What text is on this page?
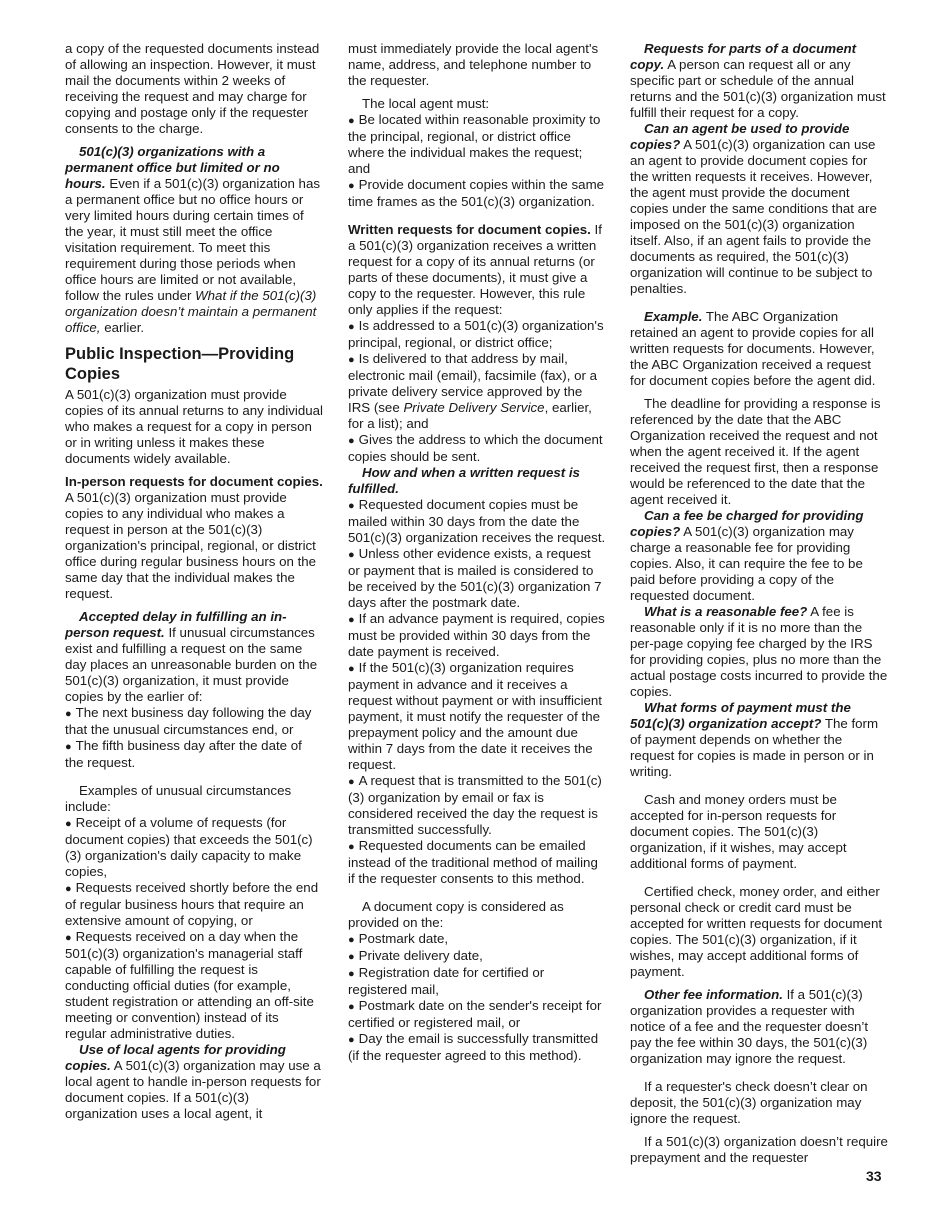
a copy of the requested documents instead of allowing an inspection. However, it must mail the documents within 2 weeks of receiving the request and may charge for copying and postage only if the requester consents to the charge.

501(c)(3) organizations with a permanent office but limited or no hours. Even if a 501(c)(3) organization has a permanent office but no office hours or very limited hours during certain times of the year, it must still meet the office visitation requirement. To meet this requirement during those periods when office hours are limited or not available, follow the rules under What if the 501(c)(3) organization doesn’t maintain a permanent office, earlier.

Public Inspection—Providing Copies

A 501(c)(3) organization must provide copies of its annual returns to any individual who makes a request for a copy in person or in writing unless it makes these documents widely available.

In-person requests for document copies. A 501(c)(3) organization must provide copies to any individual who makes a request in person at the 501(c)(3) organization's principal, regional, or district office during regular business hours on the same day that the individual makes the request.

Accepted delay in fulfilling an in-person request. If unusual circumstances exist and fulfilling a request on the same day places an unreasonable burden on the 501(c)(3) organization, it must provide copies by the earlier of:

● The next business day following the day that the unusual circumstances end, or
● The fifth business day after the date of the request.

Examples of unusual circumstances include:

● Receipt of a volume of requests (for document copies) that exceeds the 501(c)(3) organization's daily capacity to make copies,
● Requests received shortly before the end of regular business hours that require an extensive amount of copying, or
● Requests received on a day when the 501(c)(3) organization's managerial staff capable of fulfilling the request is conducting official duties (for example, student registration or attending an off-site meeting or convention) instead of its regular administrative duties.

Use of local agents for providing copies. A 501(c)(3) organization may use a local agent to handle in-person requests for document copies. If a 501(c)(3) organization uses a local agent, it

must immediately provide the local agent's name, address, and telephone number to the requester.

The local agent must:

● Be located within reasonable proximity to the principal, regional, or district office where the individual makes the request; and
● Provide document copies within the same time frames as the 501(c)(3) organization.

Written requests for document copies. If a 501(c)(3) organization receives a written request for a copy of its annual returns (or parts of these documents), it must give a copy to the requester. However, this rule only applies if the request:

● Is addressed to a 501(c)(3) organization's principal, regional, or district office;
● Is delivered to that address by mail, electronic mail (email), facsimile (fax), or a private delivery service approved by the IRS (see Private Delivery Service, earlier, for a list); and
● Gives the address to which the document copies should be sent.

How and when a written request is fulfilled.

● Requested document copies must be mailed within 30 days from the date the 501(c)(3) organization receives the request.
● Unless other evidence exists, a request or payment that is mailed is considered to be received by the 501(c)(3) organization 7 days after the postmark date.
● If an advance payment is required, copies must be provided within 30 days from the date payment is received.
● If the 501(c)(3) organization requires payment in advance and it receives a request without payment or with insufficient payment, it must notify the requester of the prepayment policy and the amount due within 7 days from the date it receives the request.
● A request that is transmitted to the 501(c)(3) organization by email or fax is considered received the day the request is transmitted successfully.
● Requested documents can be emailed instead of the traditional method of mailing if the requester consents to this method.

A document copy is considered as provided on the:

● Postmark date,
● Private delivery date,
● Registration date for certified or registered mail,
● Postmark date on the sender's receipt for certified or registered mail, or
● Day the email is successfully transmitted (if the requester agreed to this method).

Requests for parts of a document copy. A person can request all or any specific part or schedule of the annual returns and the 501(c)(3) organization must fulfill their request for a copy.

Can an agent be used to provide copies? A 501(c)(3) organization can use an agent to provide document copies for the written requests it receives. However, the agent must provide the document copies under the same conditions that are imposed on the 501(c)(3) organization itself. Also, if an agent fails to provide the documents as required, the 501(c)(3) organization will continue to be subject to penalties.

Example. The ABC Organization retained an agent to provide copies for all written requests for documents. However, the ABC Organization received a request for document copies before the agent did.

The deadline for providing a response is referenced by the date that the ABC Organization received the request and not when the agent received it. If the agent received the request first, then a response would be referenced to the date that the agent received it.

Can a fee be charged for providing copies? A 501(c)(3) organization may charge a reasonable fee for providing copies. Also, it can require the fee to be paid before providing a copy of the requested document.

What is a reasonable fee? A fee is reasonable only if it is no more than the per-page copying fee charged by the IRS for providing copies, plus no more than the actual postage costs incurred to provide the copies.

What forms of payment must the 501(c)(3) organization accept? The form of payment depends on whether the request for copies is made in person or in writing.

Cash and money orders must be accepted for in-person requests for document copies. The 501(c)(3) organization, if it wishes, may accept additional forms of payment.

Certified check, money order, and either personal check or credit card must be accepted for written requests for document copies. The 501(c)(3) organization, if it wishes, may accept additional forms of payment.

Other fee information. If a 501(c)(3) organization provides a requester with notice of a fee and the requester doesn’t pay the fee within 30 days, the 501(c)(3) organization may ignore the request.

If a requester's check doesn’t clear on deposit, the 501(c)(3) organization may ignore the request.

If a 501(c)(3) organization doesn’t require prepayment and the requester

33
